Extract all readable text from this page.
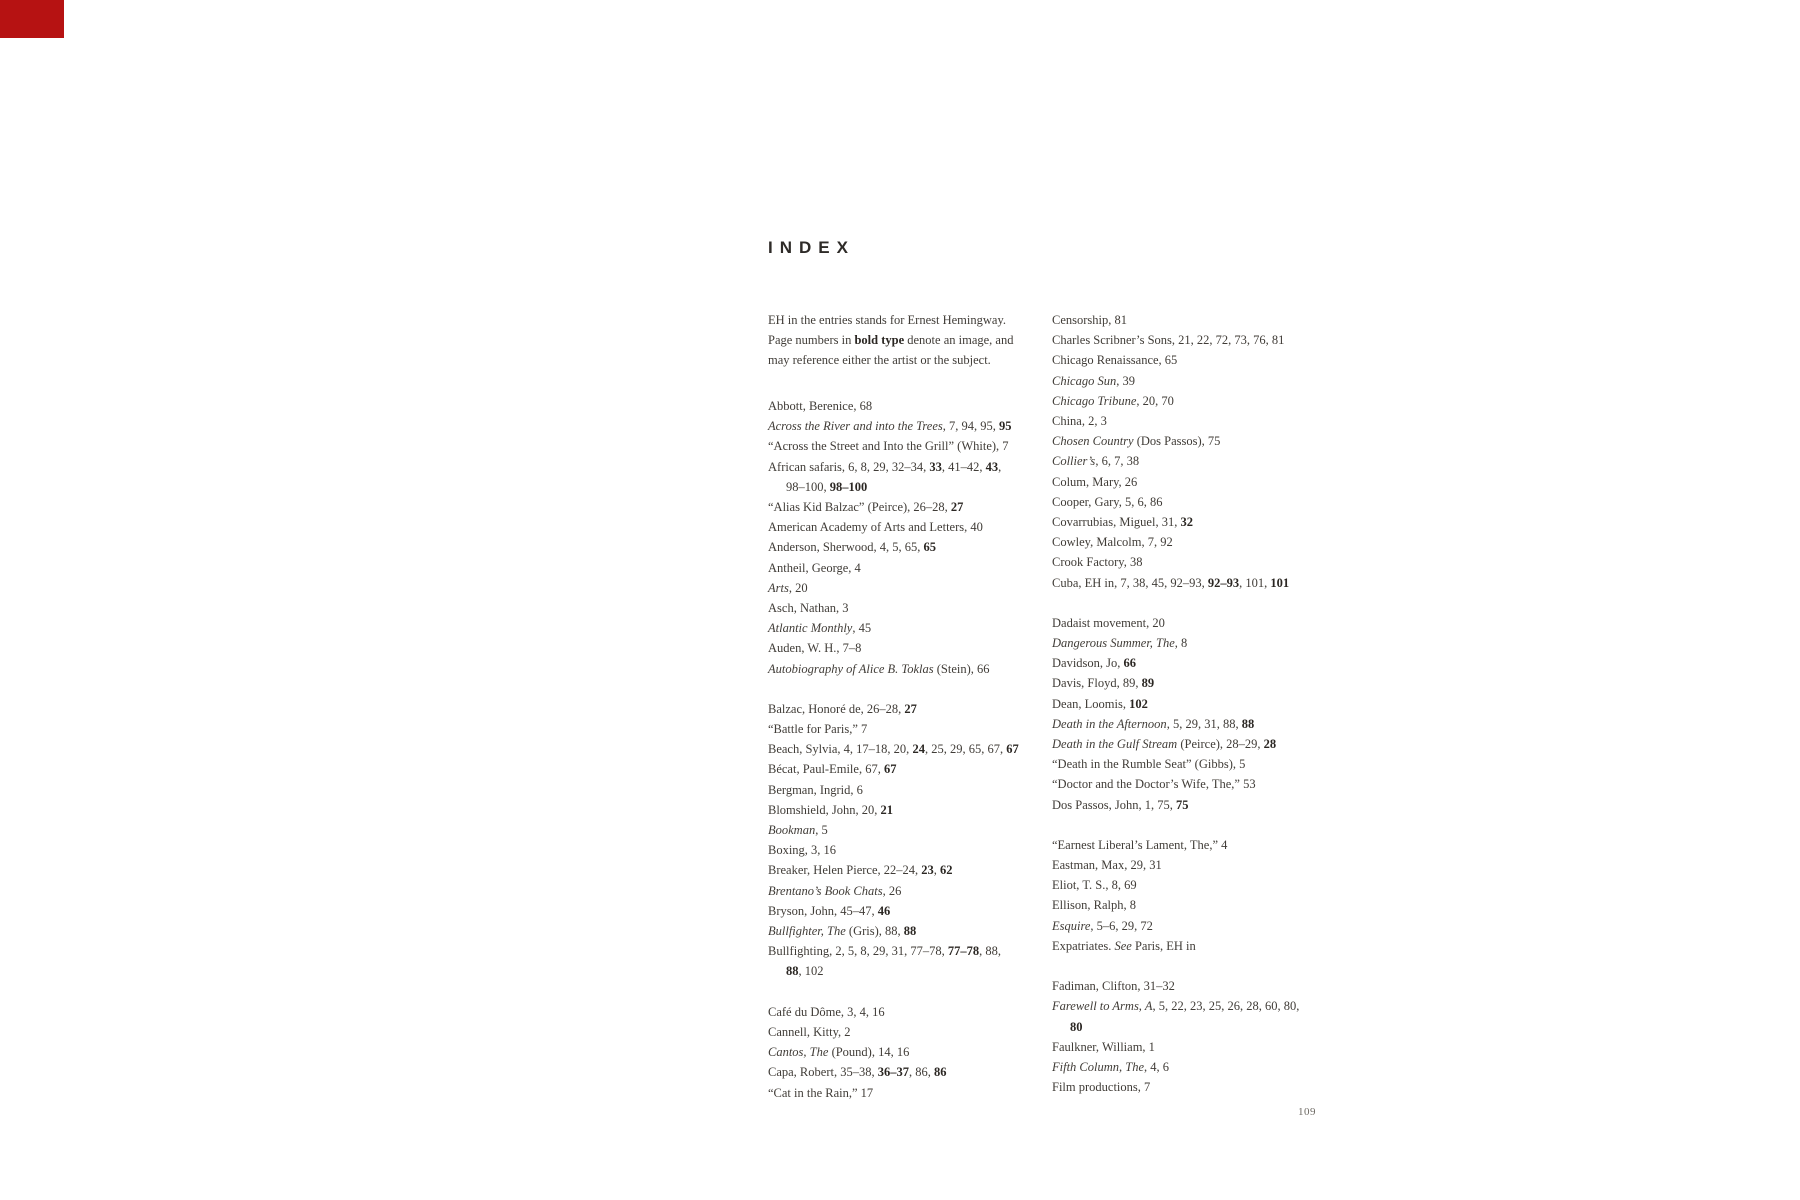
INDEX
EH in the entries stands for Ernest Hemingway.
Page numbers in bold type denote an image, and
may reference either the artist or the subject.
Abbott, Berenice, 68
Across the River and into the Trees, 7, 94, 95, 95
“Across the Street and Into the Grill” (White), 7
African safaris, 6, 8, 29, 32–34, 33, 41–42, 43,
98–100, 98–100
“Alias Kid Balzac” (Peirce), 26–28, 27
American Academy of Arts and Letters, 40
Anderson, Sherwood, 4, 5, 65, 65
Antheil, George, 4
Arts, 20
Asch, Nathan, 3
Atlantic Monthly, 45
Auden, W. H., 7–8
Autobiography of Alice B. Toklas (Stein), 66
Balzac, Honoré de, 26–28, 27
“Battle for Paris,” 7
Beach, Sylvia, 4, 17–18, 20, 24, 25, 29, 65, 67, 67
Bécat, Paul-Emile, 67, 67
Bergman, Ingrid, 6
Blomshield, John, 20, 21
Bookman, 5
Boxing, 3, 16
Breaker, Helen Pierce, 22–24, 23, 62
Brentano’s Book Chats, 26
Bryson, John, 45–47, 46
Bullfighter, The (Gris), 88, 88
Bullfighting, 2, 5, 8, 29, 31, 77–78, 77–78, 88,
88, 102
Café du Dôme, 3, 4, 16
Cannell, Kitty, 2
Cantos, The (Pound), 14, 16
Capa, Robert, 35–38, 36–37, 86, 86
“Cat in the Rain,” 17
Censorship, 81
Charles Scribner’s Sons, 21, 22, 72, 73, 76, 81
Chicago Renaissance, 65
Chicago Sun, 39
Chicago Tribune, 20, 70
China, 2, 3
Chosen Country (Dos Passos), 75
Collier’s, 6, 7, 38
Colum, Mary, 26
Cooper, Gary, 5, 6, 86
Covarrubias, Miguel, 31, 32
Cowley, Malcolm, 7, 92
Crook Factory, 38
Cuba, EH in, 7, 38, 45, 92–93, 92–93, 101, 101
Dadaist movement, 20
Dangerous Summer, The, 8
Davidson, Jo, 66
Davis, Floyd, 89, 89
Dean, Loomis, 102
Death in the Afternoon, 5, 29, 31, 88, 88
Death in the Gulf Stream (Peirce), 28–29, 28
“Death in the Rumble Seat” (Gibbs), 5
“Doctor and the Doctor’s Wife, The,” 53
Dos Passos, John, 1, 75, 75
“Earnest Liberal’s Lament, The,” 4
Eastman, Max, 29, 31
Eliot, T. S., 8, 69
Ellison, Ralph, 8
Esquire, 5–6, 29, 72
Expatriates. See Paris, EH in
Fadiman, Clifton, 31–32
Farewell to Arms, A, 5, 22, 23, 25, 26, 28, 60, 80,
80
Faulkner, William, 1
Fifth Column, The, 4, 6
Film productions, 7
109
